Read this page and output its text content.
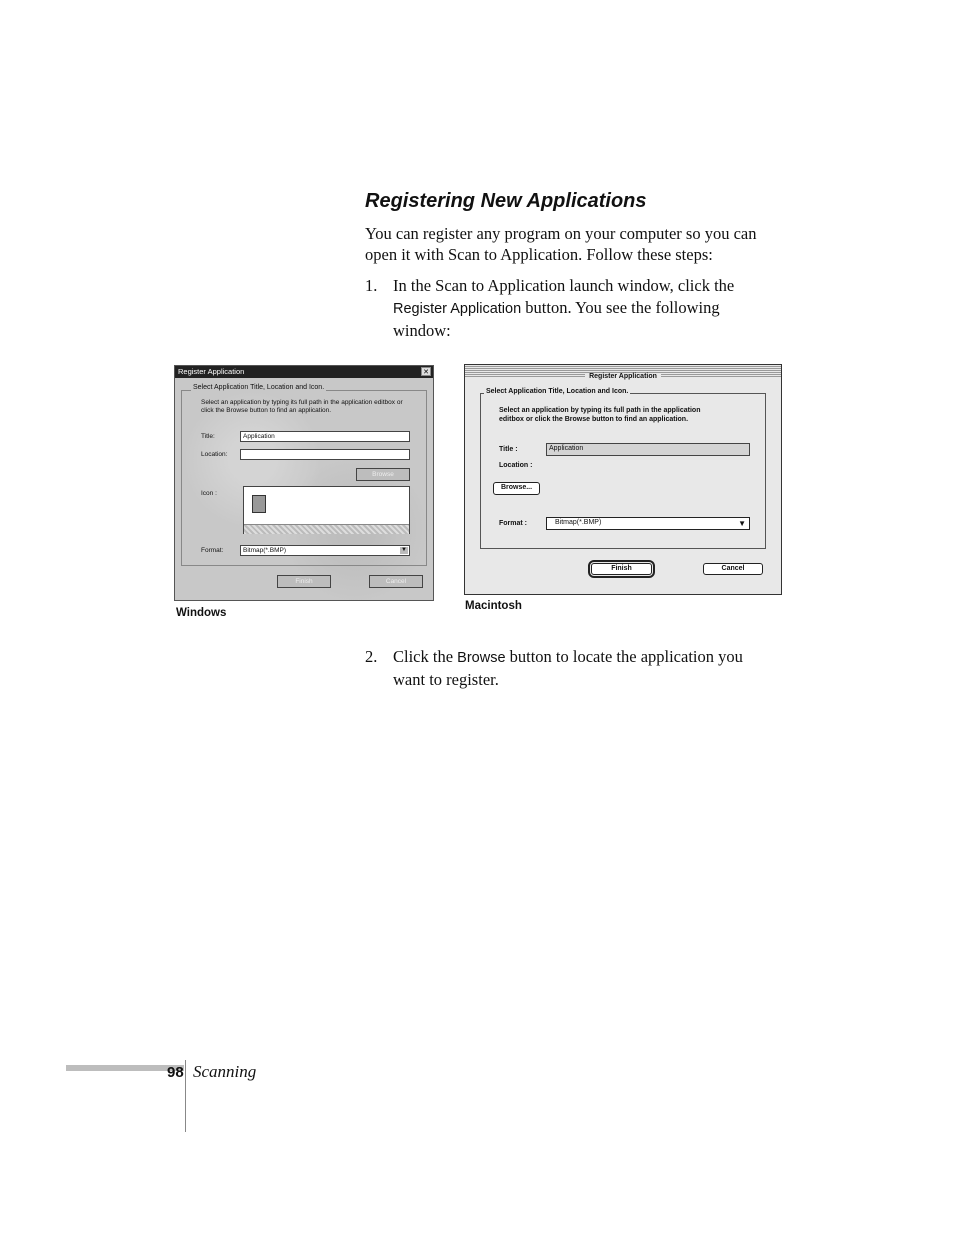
Registering New Applications
You can register any program on your computer so you can open it with Scan to Application. Follow these steps:
1. In the Scan to Application launch window, click the Register Application button. You see the following window:
Register Application	✕
Select Application Title, Location and Icon.
Select an application by typing its full path in the application editbox or click the Browse button to find an application.
Title:	Application
Location:
Browse
Icon :
Format:	Bitmap(*.BMP)	▼
Finish	Cancel
Windows
Register Application
Select Application Title, Location and Icon.
Select an application by typing its full path in the application
editbox or click the Browse button to find an application.
Title :	Application
Location :
Browse...
Format :	Bitmap(*.BMP)	▼
Finish	Cancel
Macintosh
2. Click the Browse button to locate the application you want to register.
98 Scanning
